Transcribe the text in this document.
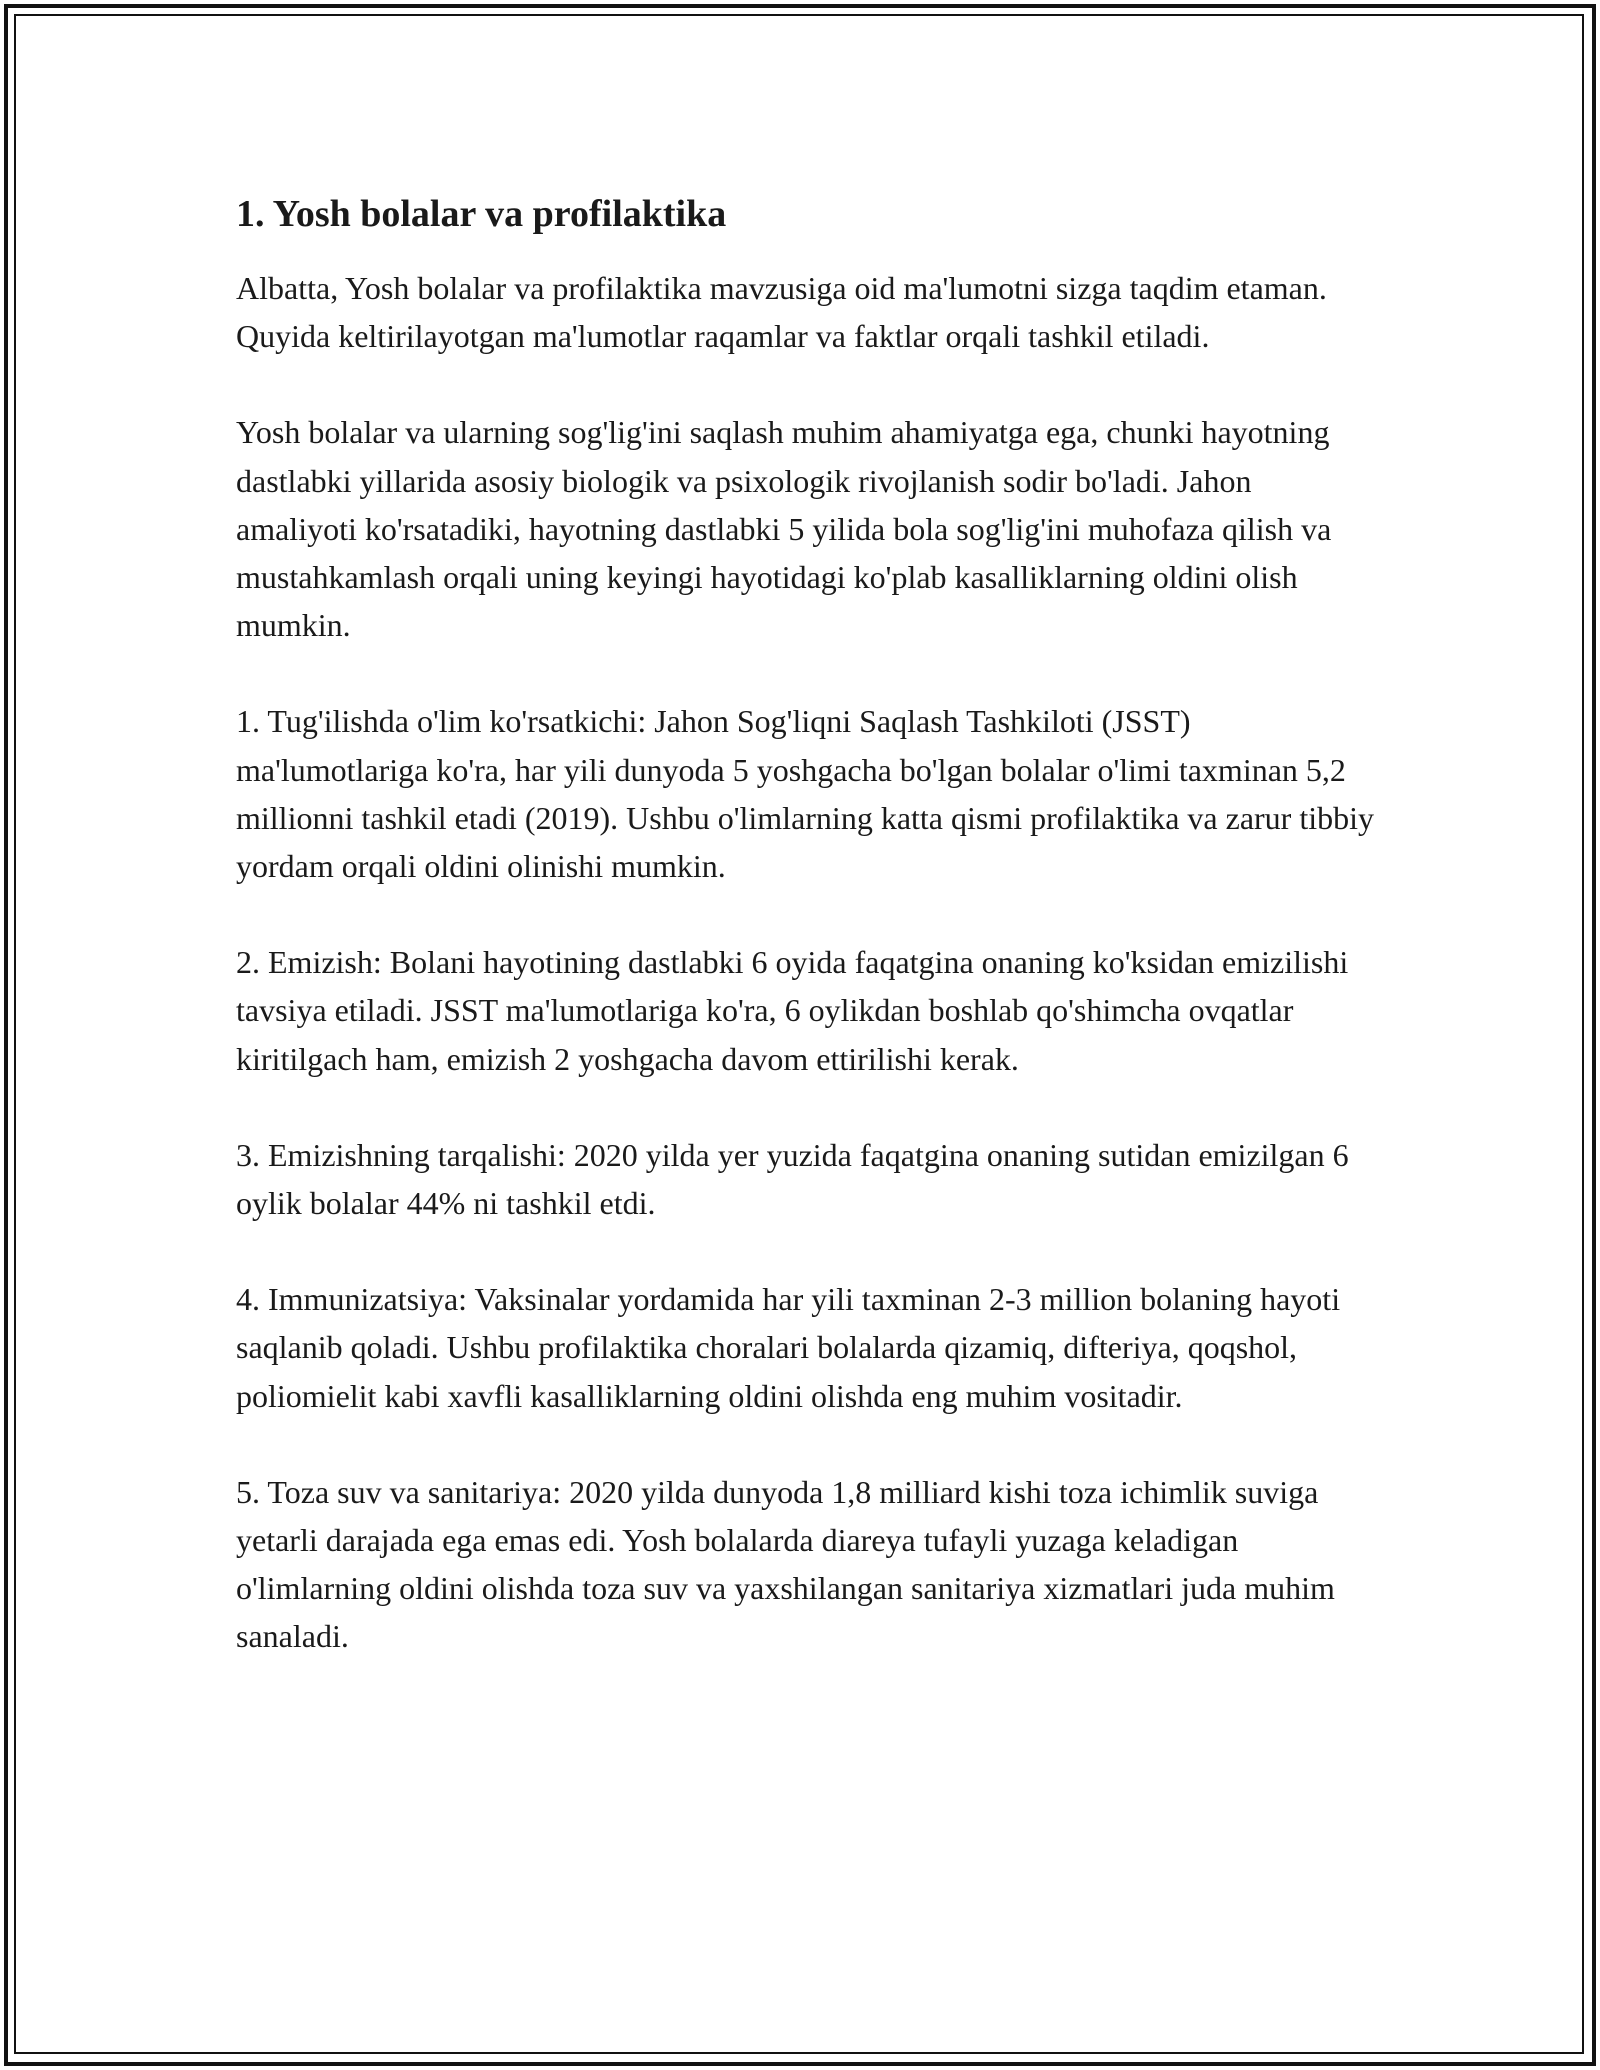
1. Yosh bolalar va profilaktika

Albatta, Yosh bolalar va profilaktika mavzusiga oid ma'lumotni sizga taqdim etaman. Quyida keltirilayotgan ma'lumotlar raqamlar va faktlar orqali tashkil etiladi.

Yosh bolalar va ularning sog'lig'ini saqlash muhim ahamiyatga ega, chunki hayotning dastlabki yillarida asosiy biologik va psixologik rivojlanish sodir bo'ladi. Jahon amaliyoti ko'rsatadiki, hayotning dastlabki 5 yilida bola sog'lig'ini muhofaza qilish va mustahkamlash orqali uning keyingi hayotidagi ko'plab kasalliklarning oldini olish mumkin.

1. Tug'ilishda o'lim ko'rsatkichi: Jahon Sog'liqni Saqlash Tashkiloti (JSST) ma'lumotlariga ko'ra, har yili dunyoda 5 yoshgacha bo'lgan bolalar o'limi taxminan 5,2 millionni tashkil etadi (2019). Ushbu o'limlarning katta qismi profilaktika va zarur tibbiy yordam orqali oldini olinishi mumkin.

2. Emizish: Bolani hayotining dastlabki 6 oyida faqatgina onaning ko'ksidan emizilishi tavsiya etiladi. JSST ma'lumotlariga ko'ra, 6 oylikdan boshlab qo'shimcha ovqatlar kiritilgach ham, emizish 2 yoshgacha davom ettirilishi kerak.

3. Emizishning tarqalishi: 2020 yilda yer yuzida faqatgina onaning sutidan emizilgan 6 oylik bolalar 44% ni tashkil etdi.

4. Immunizatsiya: Vaksinalar yordamida har yili taxminan 2-3 million bolaning hayoti saqlanib qoladi. Ushbu profilaktika choralari bolalarda qizamiq, difteriya, qoqshol, poliomielit kabi xavfli kasalliklarning oldini olishda eng muhim vositadir.

5. Toza suv va sanitariya: 2020 yilda dunyoda 1,8 milliard kishi toza ichimlik suviga yetarli darajada ega emas edi. Yosh bolalarda diareya tufayli yuzaga keladigan o'limlarning oldini olishda toza suv va yaxshilangan sanitariya xizmatlari juda muhim sanaladi.
